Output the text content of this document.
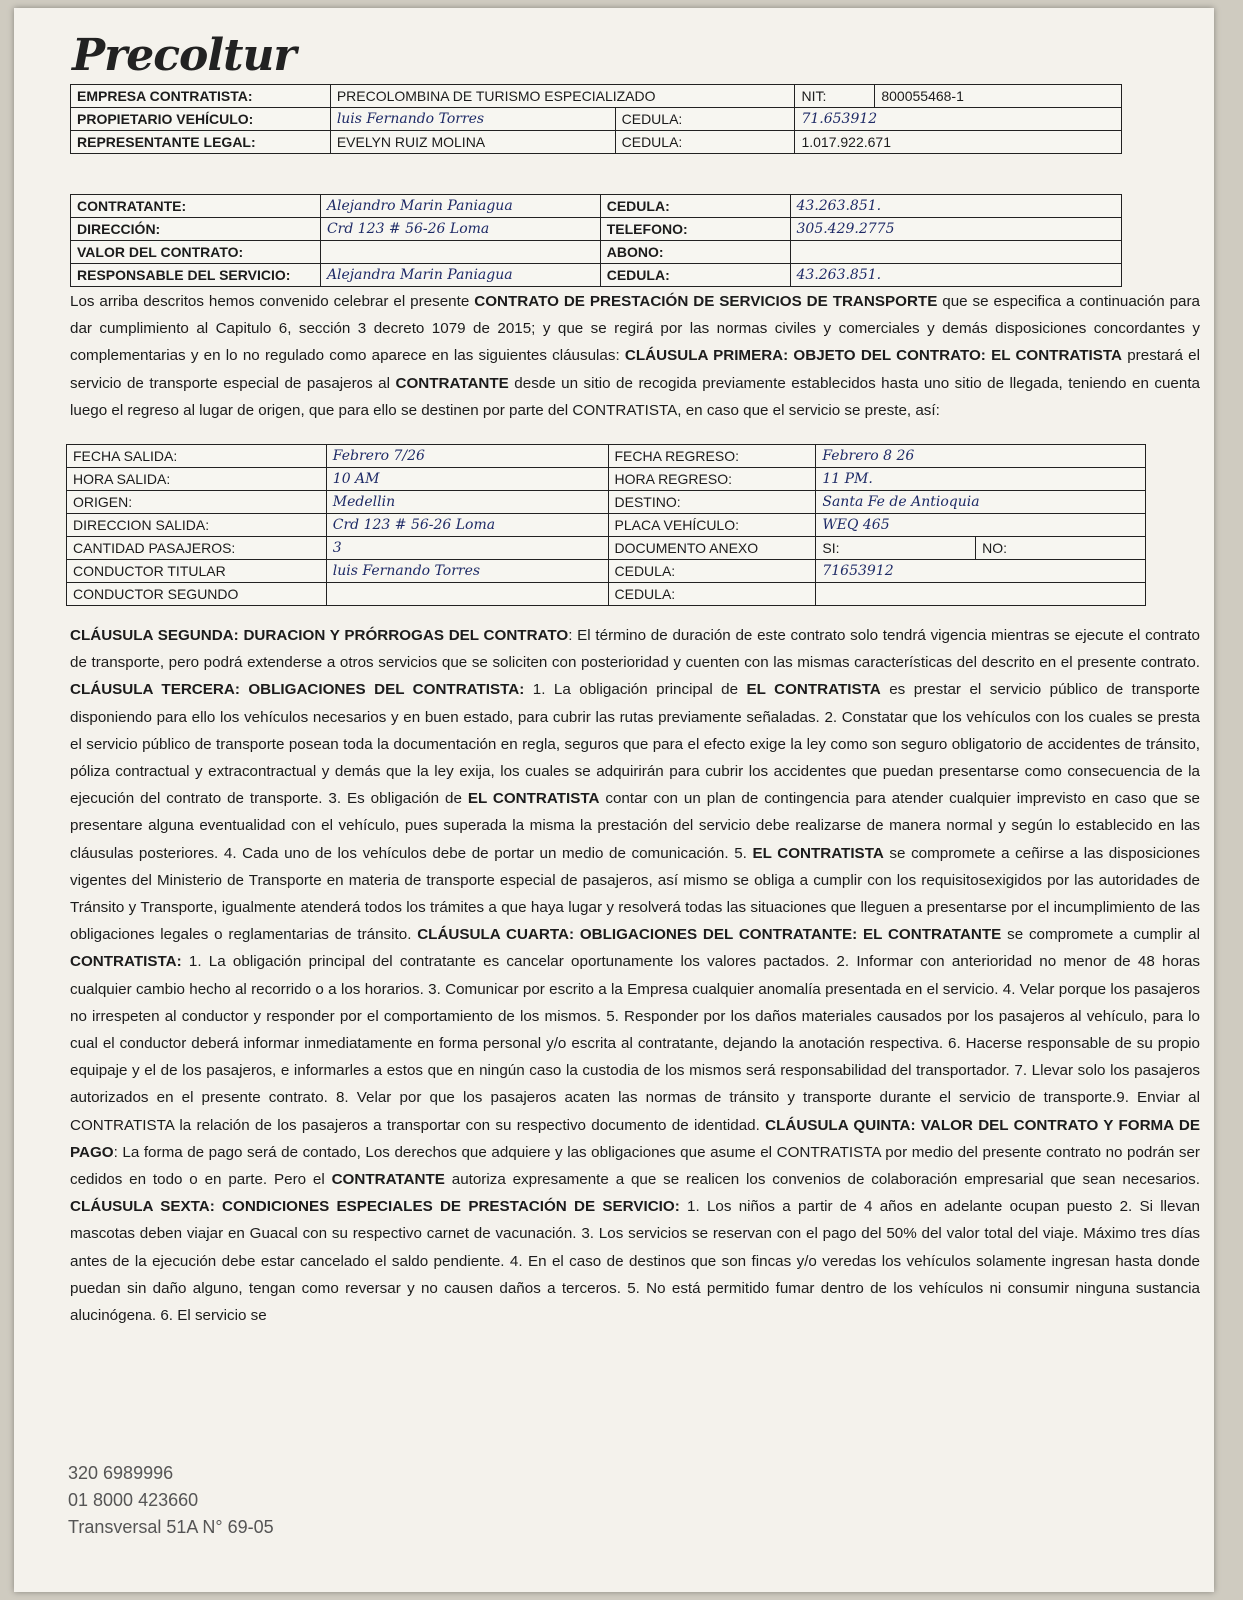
Precoltur
EMPRESA CONTRATISTA:	PRECOLOMBINA DE TURISMO ESPECIALIZADO		NIT:	800055468-1
PROPIETARIO VEHÍCULO:	luis Fernando Torres	CEDULA:	71.653912	
REPRESENTANTE LEGAL:	EVELYN RUIZ MOLINA	CEDULA:	1.017.922.671	
CONTRATANTE:	Alejandro Marin Paniagua	CEDULA:	43.263.851.
DIRECCIÓN:	Crd 123 # 56-26 Loma	TELEFONO:	305.429.2775
VALOR DEL CONTRATO:		ABONO:	
RESPONSABLE DEL SERVICIO:	Alejandra Marin Paniagua	CEDULA:	43.263.851.
Los arriba descritos hemos convenido celebrar el presente CONTRATO DE PRESTACIÓN DE SERVICIOS DE TRANSPORTE que se especifica a continuación para dar cumplimiento al Capitulo 6, sección 3 decreto 1079 de 2015; y que se regirá por las normas civiles y comerciales y demás disposiciones concordantes y complementarias y en lo no regulado como aparece en las siguientes cláusulas: CLÁUSULA PRIMERA: OBJETO DEL CONTRATO: EL CONTRATISTA prestará el servicio de transporte especial de pasajeros al CONTRATANTE desde un sitio de recogida previamente establecidos hasta uno sitio de llegada, teniendo en cuenta luego el regreso al lugar de origen, que para ello se destinen por parte del CONTRATISTA, en caso que el servicio se preste, así:
FECHA SALIDA:	Febrero 7/26	FECHA REGRESO:	Febrero 8 26	
HORA SALIDA:	10 AM	HORA REGRESO:	11 PM.	
ORIGEN:	Medellin	DESTINO:	Santa Fe de Antioquia	
DIRECCION SALIDA:	Crd 123 # 56-26 Loma	PLACA VEHÍCULO:	WEQ 465	
CANTIDAD PASAJEROS:	3	DOCUMENTO ANEXO	SI:	NO:
CONDUCTOR TITULAR	luis Fernando Torres	CEDULA:	71653912	
CONDUCTOR SEGUNDO		CEDULA:		
CLÁUSULA SEGUNDA: DURACION Y PRÓRROGAS DEL CONTRATO: El término de duración de este contrato solo tendrá vigencia mientras se ejecute el contrato de transporte, pero podrá extenderse a otros servicios que se soliciten con posterioridad y cuenten con las mismas características del descrito en el presente contrato. CLÁUSULA TERCERA: OBLIGACIONES DEL CONTRATISTA: 1. La obligación principal de EL CONTRATISTA es prestar el servicio público de transporte disponiendo para ello los vehículos necesarios y en buen estado, para cubrir las rutas previamente señaladas. 2. Constatar que los vehículos con los cuales se presta el servicio público de transporte posean toda la documentación en regla, seguros que para el efecto exige la ley como son seguro obligatorio de accidentes de tránsito, póliza contractual y extracontractual y demás que la ley exija, los cuales se adquirirán para cubrir los accidentes que puedan presentarse como consecuencia de la ejecución del contrato de transporte. 3. Es obligación de EL CONTRATISTA contar con un plan de contingencia para atender cualquier imprevisto en caso que se presentare alguna eventualidad con el vehículo, pues superada la misma la prestación del servicio debe realizarse de manera normal y según lo establecido en las cláusulas posteriores. 4. Cada uno de los vehículos debe de portar un medio de comunicación. 5. EL CONTRATISTA se compromete a ceñirse a las disposiciones vigentes del Ministerio de Transporte en materia de transporte especial de pasajeros, así mismo se obliga a cumplir con los requisitosexigidos por las autoridades de Tránsito y Transporte, igualmente atenderá todos los trámites a que haya lugar y resolverá todas las situaciones que lleguen a presentarse por el incumplimiento de las obligaciones legales o reglamentarias de tránsito. CLÁUSULA CUARTA: OBLIGACIONES DEL CONTRATANTE: EL CONTRATANTE se compromete a cumplir al CONTRATISTA: 1. La obligación principal del contratante es cancelar oportunamente los valores pactados. 2. Informar con anterioridad no menor de 48 horas cualquier cambio hecho al recorrido o a los horarios. 3. Comunicar por escrito a la Empresa cualquier anomalía presentada en el servicio. 4. Velar porque los pasajeros no irrespeten al conductor y responder por el comportamiento de los mismos. 5. Responder por los daños materiales causados por los pasajeros al vehículo, para lo cual el conductor deberá informar inmediatamente en forma personal y/o escrita al contratante, dejando la anotación respectiva. 6. Hacerse responsable de su propio equipaje y el de los pasajeros, e informarles a estos que en ningún caso la custodia de los mismos será responsabilidad del transportador. 7. Llevar solo los pasajeros autorizados en el presente contrato. 8. Velar por que los pasajeros acaten las normas de tránsito y transporte durante el servicio de transporte.9. Enviar al CONTRATISTA la relación de los pasajeros a transportar con su respectivo documento de identidad. CLÁUSULA QUINTA: VALOR DEL CONTRATO Y FORMA DE PAGO: La forma de pago será de contado, Los derechos que adquiere y las obligaciones que asume el CONTRATISTA por medio del presente contrato no podrán ser cedidos en todo o en parte. Pero el CONTRATANTE autoriza expresamente a que se realicen los convenios de colaboración empresarial que sean necesarios. CLÁUSULA SEXTA: CONDICIONES ESPECIALES DE PRESTACIÓN DE SERVICIO: 1. Los niños a partir de 4 años en adelante ocupan puesto 2. Si llevan mascotas deben viajar en Guacal con su respectivo carnet de vacunación. 3. Los servicios se reservan con el pago del 50% del valor total del viaje. Máximo tres días antes de la ejecución debe estar cancelado el saldo pendiente. 4. En el caso de destinos que son fincas y/o veredas los vehículos solamente ingresan hasta donde puedan sin daño alguno, tengan como reversar y no causen daños a terceros. 5. No está permitido fumar dentro de los vehículos ni consumir ninguna sustancia alucinógena. 6. El servicio se
320 6989996
01 8000 423660
Transversal 51A N° 69-05
